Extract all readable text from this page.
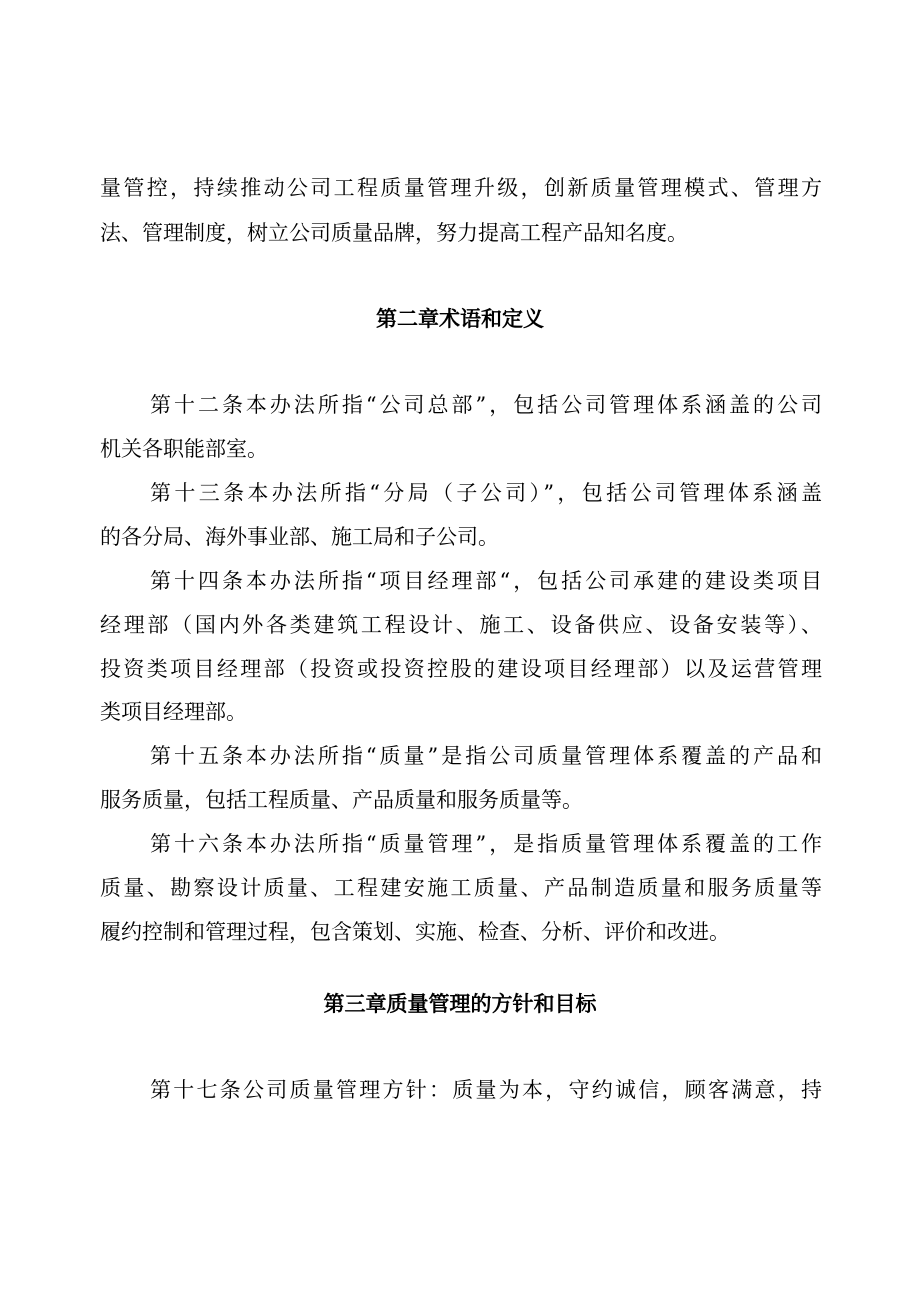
量管控，持续推动公司工程质量管理升级，创新质量管理模式、管理方
法、管理制度，树立公司质量品牌，努力提高工程产品知名度。
第二章术语和定义
第十二条本办法所指“公司总部”，包括公司管理体系涵盖的公司
机关各职能部室。
第十三条本办法所指“分局（子公司）”，包括公司管理体系涵盖
的各分局、海外事业部、施工局和子公司。
第十四条本办法所指“项目经理部“，包括公司承建的建设类项目
经理部（国内外各类建筑工程设计、施工、设备供应、设备安装等）、
投资类项目经理部（投资或投资控股的建设项目经理部）以及运营管理
类项目经理部。
第十五条本办法所指“质量”是指公司质量管理体系覆盖的产品和
服务质量，包括工程质量、产品质量和服务质量等。
第十六条本办法所指“质量管理”，是指质量管理体系覆盖的工作
质量、勘察设计质量、工程建安施工质量、产品制造质量和服务质量等
履约控制和管理过程，包含策划、实施、检查、分析、评价和改进。
第三章质量管理的方针和目标
第十七条公司质量管理方针：质量为本，守约诚信，顾客满意，持
